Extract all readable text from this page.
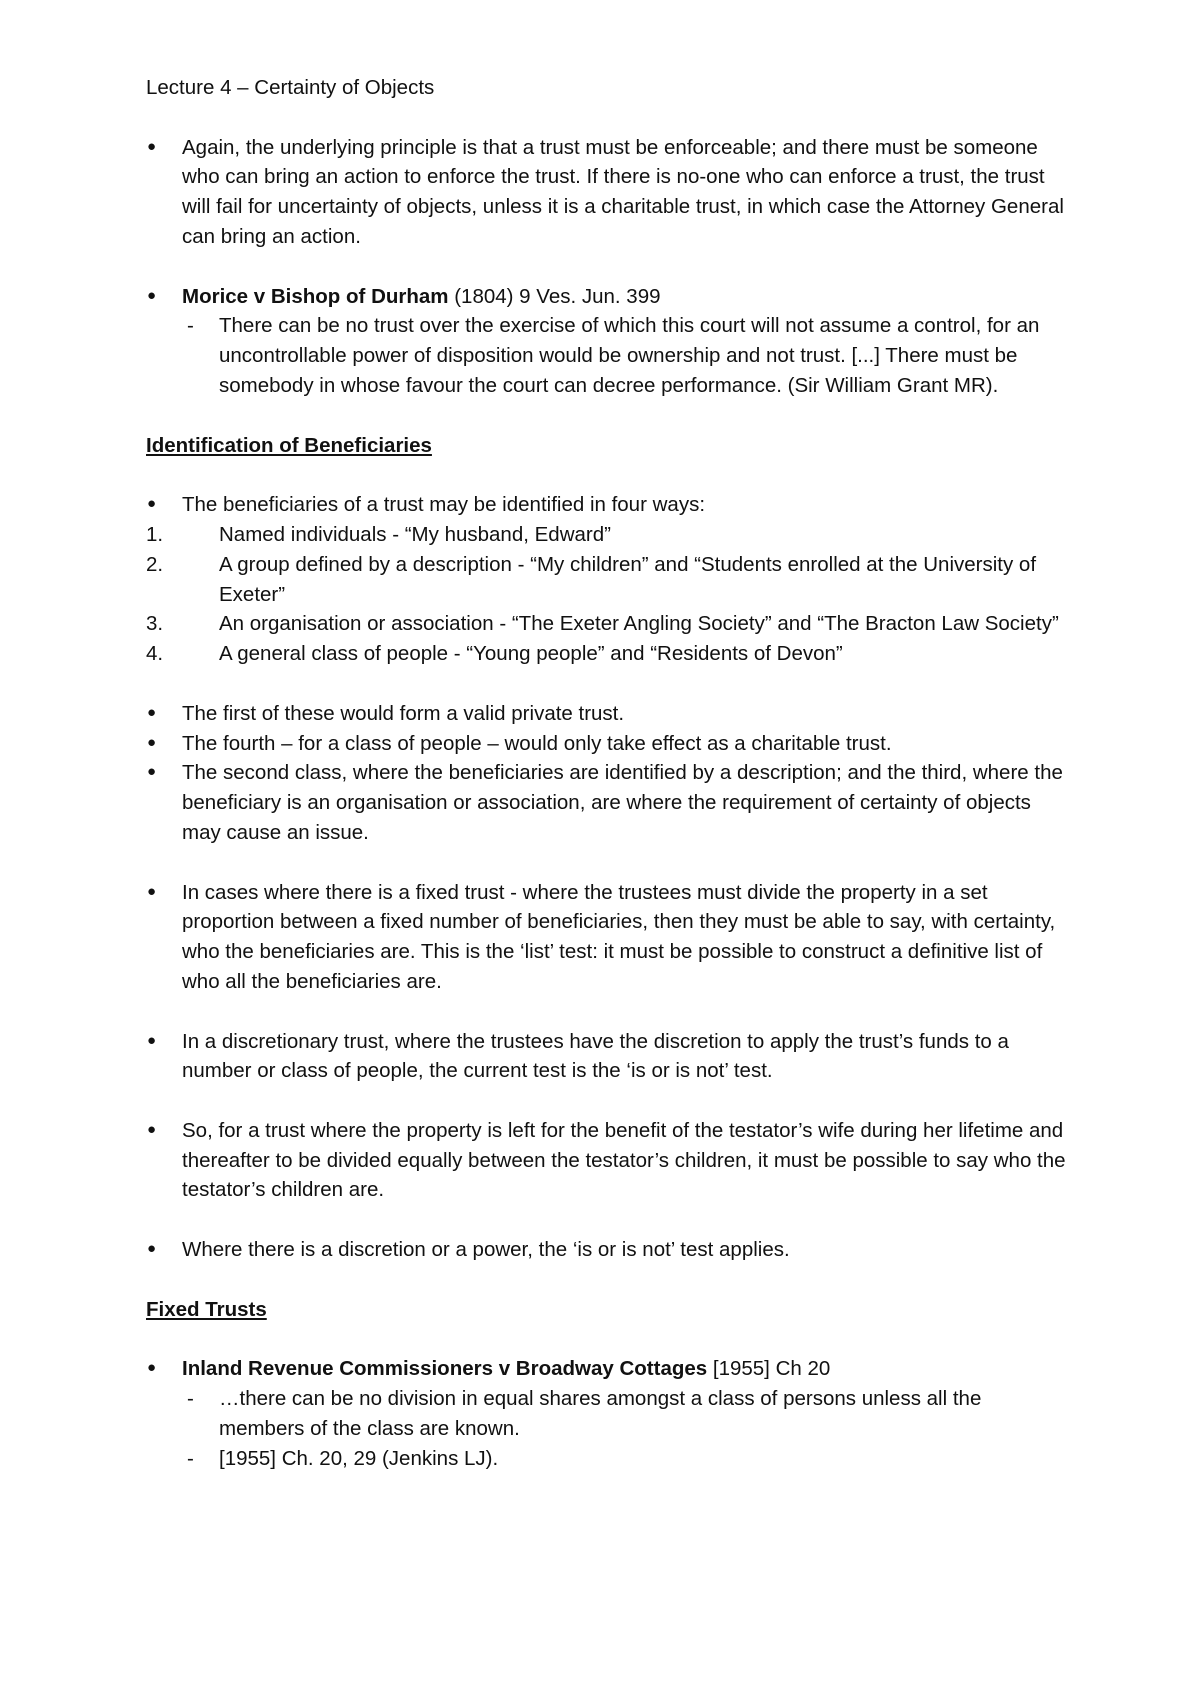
Lecture 4 – Certainty of Objects
●
Again, the underlying principle is that a trust must be enforceable; and there must be someone who can bring an action to enforce the trust. If there is no-one who can enforce a trust, the trust will fail for uncertainty of objects, unless it is a charitable trust, in which case the Attorney General can bring an action.
●
Morice v Bishop of Durham (1804) 9 Ves. Jun. 399
- There can be no trust over the exercise of which this court will not assume a control, for an uncontrollable power of disposition would be ownership and not trust. [...] There must be somebody in whose favour the court can decree performance. (Sir William Grant MR).
Identification of Beneficiaries
●
The beneficiaries of a trust may be identified in four ways:
1.	Named individuals - “My husband, Edward”
2.	A group defined by a description - “My children” and “Students enrolled at the University of Exeter”
3.	An organisation or association - “The Exeter Angling Society” and “The Bracton Law Society”
4.	A general class of people - “Young people” and “Residents of Devon”
●
The first of these would form a valid private trust.
●
The fourth – for a class of people – would only take effect as a charitable trust.
●
The second class, where the beneficiaries are identified by a description; and the third, where the beneficiary is an organisation or association, are where the requirement of certainty of objects may cause an issue.
●
In cases where there is a fixed trust - where the trustees must divide the property in a set proportion between a fixed number of beneficiaries, then they must be able to say, with certainty, who the beneficiaries are. This is the ‘list’ test: it must be possible to construct a definitive list of who all the beneficiaries are.
●
In a discretionary trust, where the trustees have the discretion to apply the trust’s funds to a number or class of people, the current test is the ‘is or is not’ test.
●
So, for a trust where the property is left for the benefit of the testator’s wife during her lifetime and thereafter to be divided equally between the testator’s children, it must be possible to say who the testator’s children are.
●
Where there is a discretion or a power, the ‘is or is not’ test applies.
Fixed Trusts
●
Inland Revenue Commissioners v Broadway Cottages [1955] Ch 20
- …there can be no division in equal shares amongst a class of persons unless all the members of the class are known.
- [1955] Ch. 20, 29 (Jenkins LJ).
